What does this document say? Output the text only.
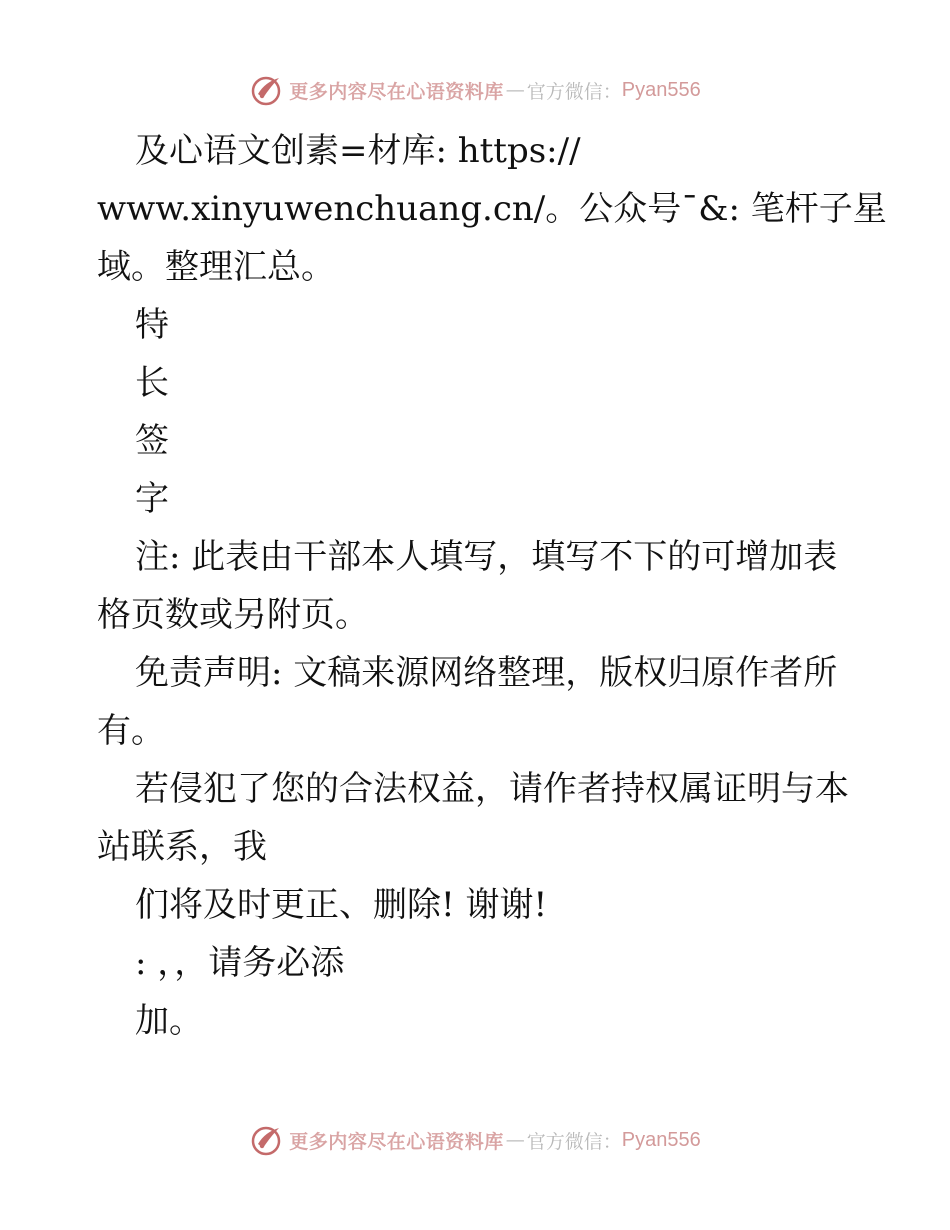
更多内容尽在心语资料库 — 官方微信： Pyan556
及心语文创素=材库: https://
www.xinyuwenchuang.cn/。公众号¯&: 笔杆子星
域。整理汇总。
特
长
签
字
注: 此表由干部本人填写，填写不下的可增加表
格页数或另附页。
免责声明: 文稿来源网络整理，版权归原作者所
有。
若侵犯了您的合法权益，请作者持权属证明与本
站联系，我
们将及时更正、删除! 谢谢!
: ，，请务必添
加。
更多内容尽在心语资料库 — 官方微信： Pyan556
